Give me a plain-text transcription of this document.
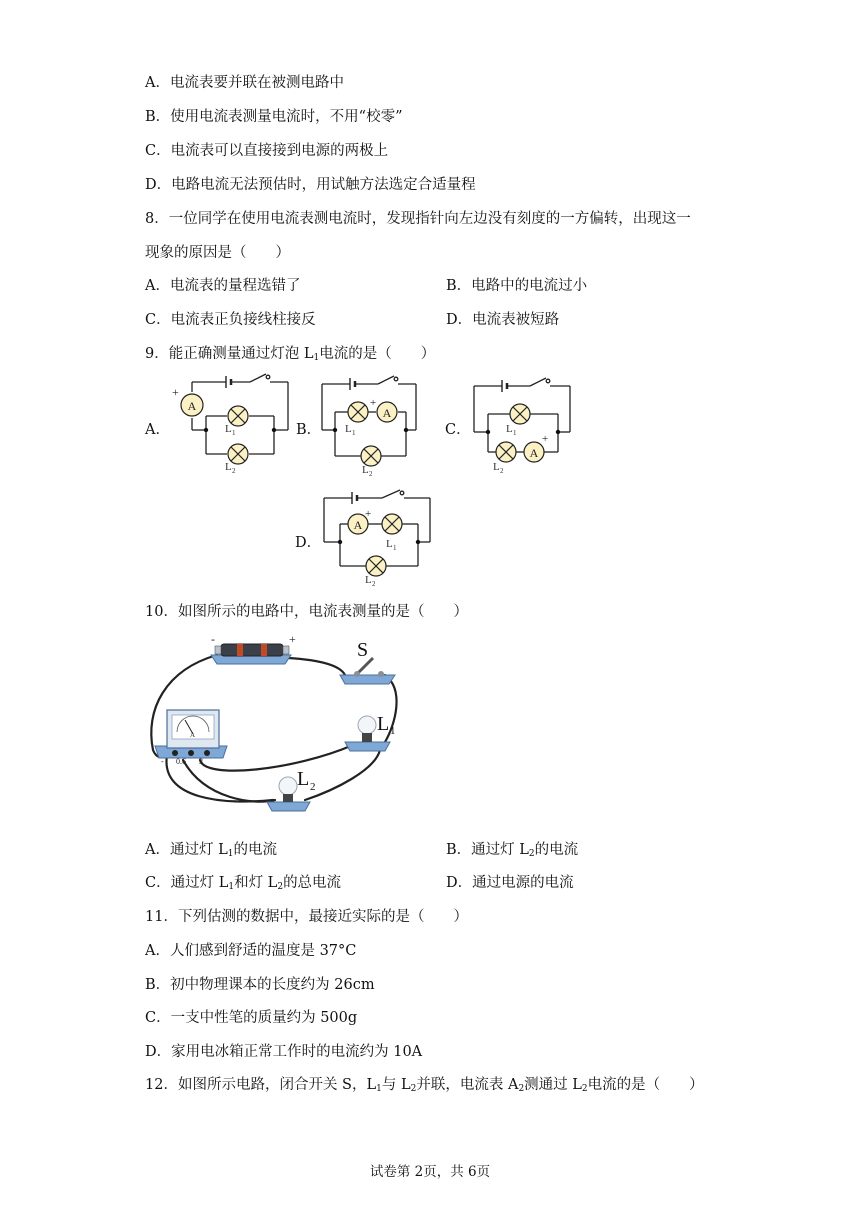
A．电流表要并联在被测电路中
B．使用电流表测量电流时，不用“校零”
C．电流表可以直接接到电源的两极上
D．电路电流无法预估时，用试触方法选定合适量程
8．一位同学在使用电流表测电流时，发现指针向左边没有刻度的一方偏转，出现这一
现象的原因是（　　）
A．电流表的量程选错了	B．电路中的电流过小
C．电流表正负接线柱接反	D．电流表被短路
9．能正确测量通过灯泡 $L_1$电流的是（　　）
A．	B．	C．
D．
A
+
L 1
L 2
A
+
L 1
L 2
A
+
L 1
L 2
A
+
L 1
L 2
10．如图所示的电路中，电流表测量的是（　　）
-	+	S
A
- 0.6 3
L 1
L 2
A．通过灯 $L_1$的电流	B．通过灯 $L_2$的电流
C．通过灯 $L_1$和灯 $L_2$的总电流	D．通过电源的电流
11．下列估测的数据中，最接近实际的是（　　）
A．人们感到舒适的温度是 37°C
B．初中物理课本的长度约为 26cm
C．一支中性笔的质量约为 500g
D．家用电冰箱正常工作时的电流约为 10A
12．如图所示电路，闭合开关 S，$L_1$与 $L_2$并联，电流表 $A_2$测通过 $L_2$电流的是（　　）
试卷第 2页，共 6页
